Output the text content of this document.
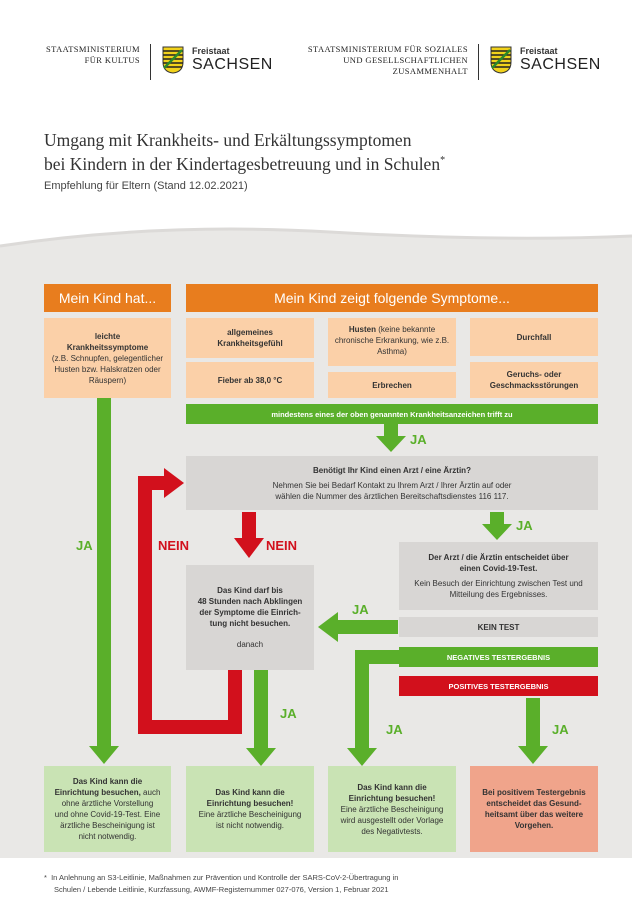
STAATSMINISTERIUM
FÜR KULTUS
Freistaat
SACHSEN
STAATSMINISTERIUM FÜR SOZIALES
UND GESELLSCHAFTLICHEN
ZUSAMMENHALT
Freistaat
SACHSEN
Umgang mit Krankheits- und Erkältungssymptomen
bei Kindern in der Kindertagesbetreuung und in Schulen*
Empfehlung für Eltern (Stand 12.02.2021)
Mein Kind hat...	Mein Kind zeigt folgende Symptome...
leichte
Krankheitssymptome
(z.B. Schnupfen, gelegentlicher Husten bzw. Halskratzen oder Räuspern)
allgemeines Krankheitsgefühl
Husten (keine bekannte chronische Erkrankung, wie z.B. Asthma)
Durchfall
Fieber ab 38,0 °C
Erbrechen
Geruchs- oder Geschmacksstörungen
mindestens eines der oben genannten Krankheitsanzeichen trifft zu
JA
JA
JA	NEIN	NEIN
JA
JA
JA	JA
Benötigt Ihr Kind einen Arzt / eine Ärztin?
Nehmen Sie bei Bedarf Kontakt zu Ihrem Arzt / Ihrer Ärztin auf oder
wählen die Nummer des ärztlichen Bereitschaftsdienstes 116 117.
Das Kind darf bis
48 Stunden nach Abklingen
der Symptome die Einrich-
tung nicht besuchen.
danach
Der Arzt / die Ärztin entscheidet über
einen Covid-19-Test.
Kein Besuch der Einrichtung zwischen Test und
Mitteilung des Ergebnisses.
KEIN TEST
NEGATIVES TESTERGEBNIS
POSITIVES TESTERGEBNIS
Das Kind kann die
Einrichtung besuchen, auch
ohne ärztliche Vorstellung
und ohne Covid-19-Test. Eine
ärztliche Bescheinigung ist
nicht notwendig.
Das Kind kann die
Einrichtung besuchen!
Eine ärztliche Bescheinigung
ist nicht notwendig.
Das Kind kann die
Einrichtung besuchen!
Eine ärztliche Bescheinigung
wird ausgestellt oder Vorlage
des Negativtests.
Bei positivem Testergebnis
entscheidet das Gesund-
heitsamt über das weitere
Vorgehen.
* In Anlehnung an S3-Leitlinie, Maßnahmen zur Prävention und Kontrolle der SARS-CoV-2-Übertragung in
Schulen / Lebende Leitlinie, Kurzfassung, AWMF-Registernummer 027-076, Version 1, Februar 2021
